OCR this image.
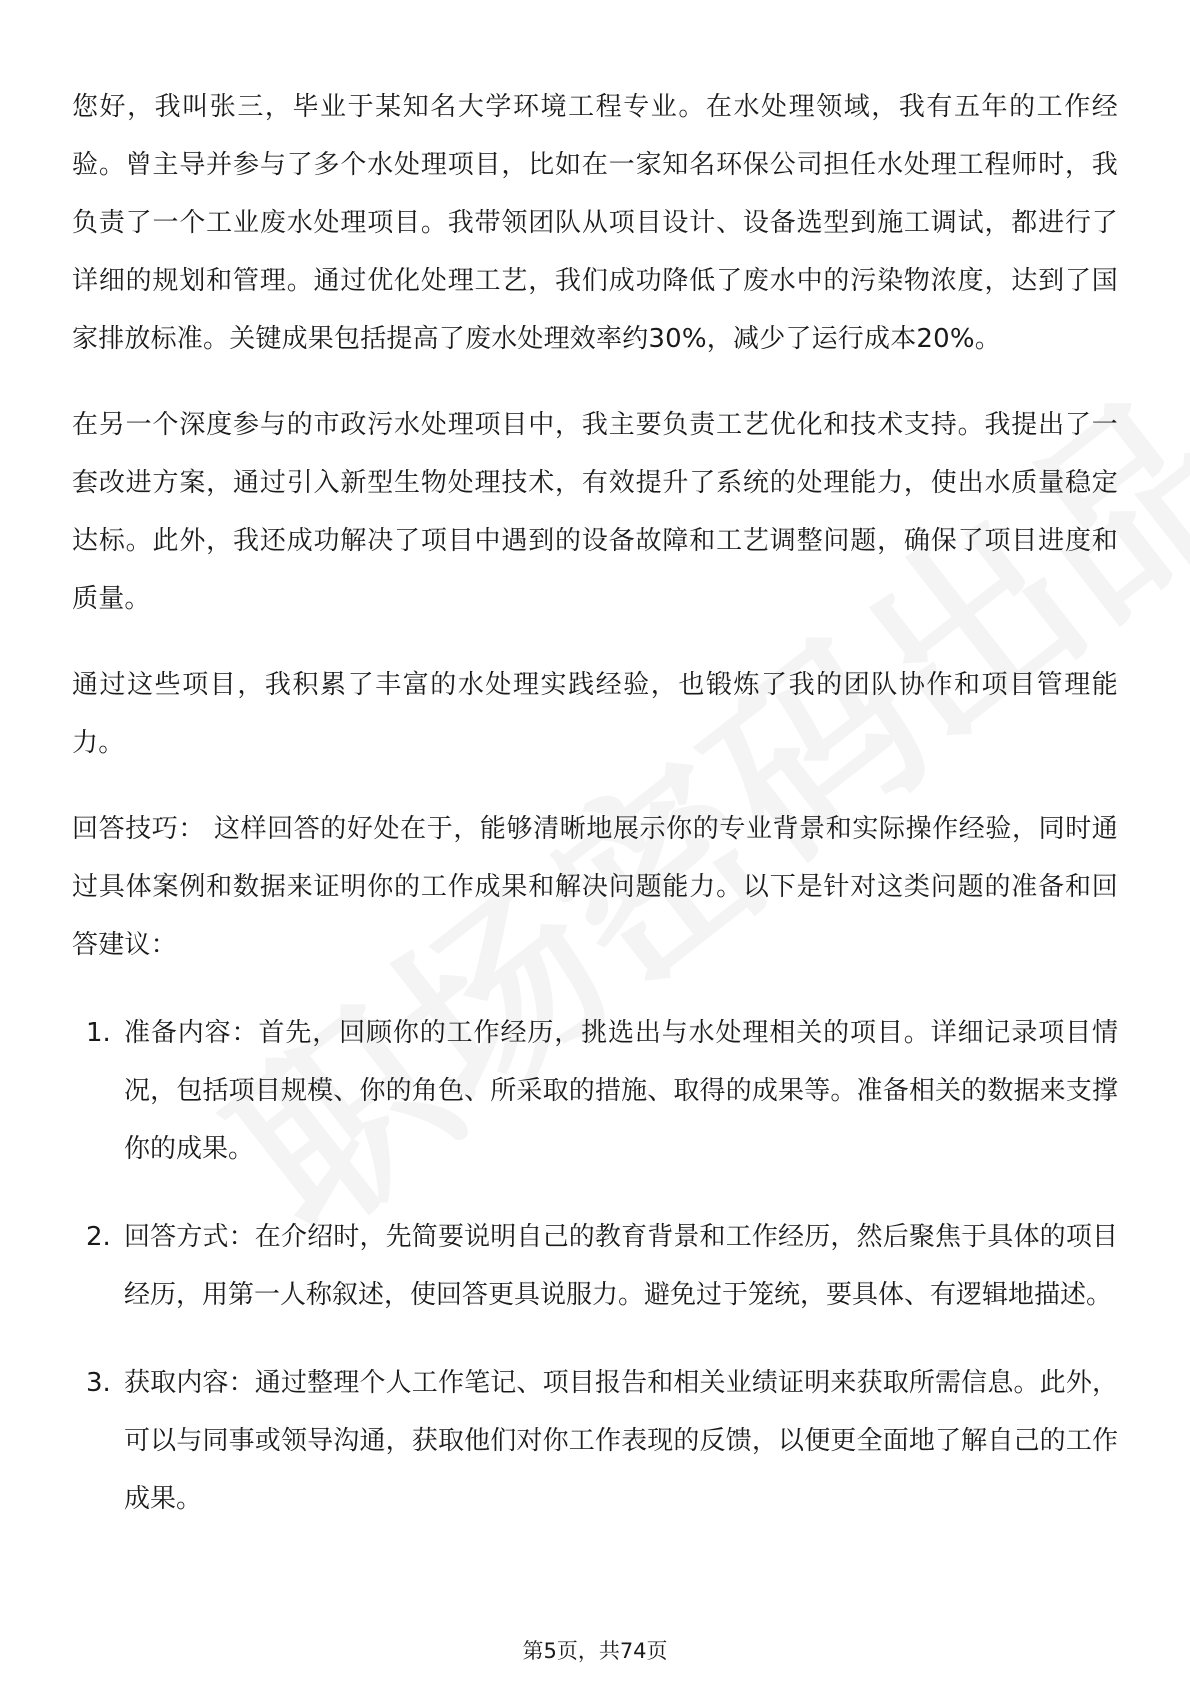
您好，我叫张三，毕业于某知名大学环境工程专业。在水处理领域，我有五年的工作经验。曾主导并参与了多个水处理项目，比如在一家知名环保公司担任水处理工程师时，我负责了一个工业废水处理项目。我带领团队从项目设计、设备选型到施工调试，都进行了详细的规划和管理。通过优化处理工艺，我们成功降低了废水中的污染物浓度，达到了国家排放标准。关键成果包括提高了废水处理效率约30%，减少了运行成本20%。

在另一个深度参与的市政污水处理项目中，我主要负责工艺优化和技术支持。我提出了一套改进方案，通过引入新型生物处理技术，有效提升了系统的处理能力，使出水质量稳定达标。此外，我还成功解决了项目中遇到的设备故障和工艺调整问题，确保了项目进度和质量。

通过这些项目，我积累了丰富的水处理实践经验，也锻炼了我的团队协作和项目管理能力。

回答技巧： 这样回答的好处在于，能够清晰地展示你的专业背景和实际操作经验，同时通过具体案例和数据来证明你的工作成果和解决问题能力。以下是针对这类问题的准备和回答建议：

1. 准备内容：首先，回顾你的工作经历，挑选出与水处理相关的项目。详细记录项目情况，包括项目规模、你的角色、所采取的措施、取得的成果等。准备相关的数据来支撑你的成果。
2. 回答方式：在介绍时，先简要说明自己的教育背景和工作经历，然后聚焦于具体的项目经历，用第一人称叙述，使回答更具说服力。避免过于笼统，要具体、有逻辑地描述。
3. 获取内容：通过整理个人工作笔记、项目报告和相关业绩证明来获取所需信息。此外，可以与同事或领导沟通，获取他们对你工作表现的反馈，以便更全面地了解自己的工作成果。
第5页，共74页
